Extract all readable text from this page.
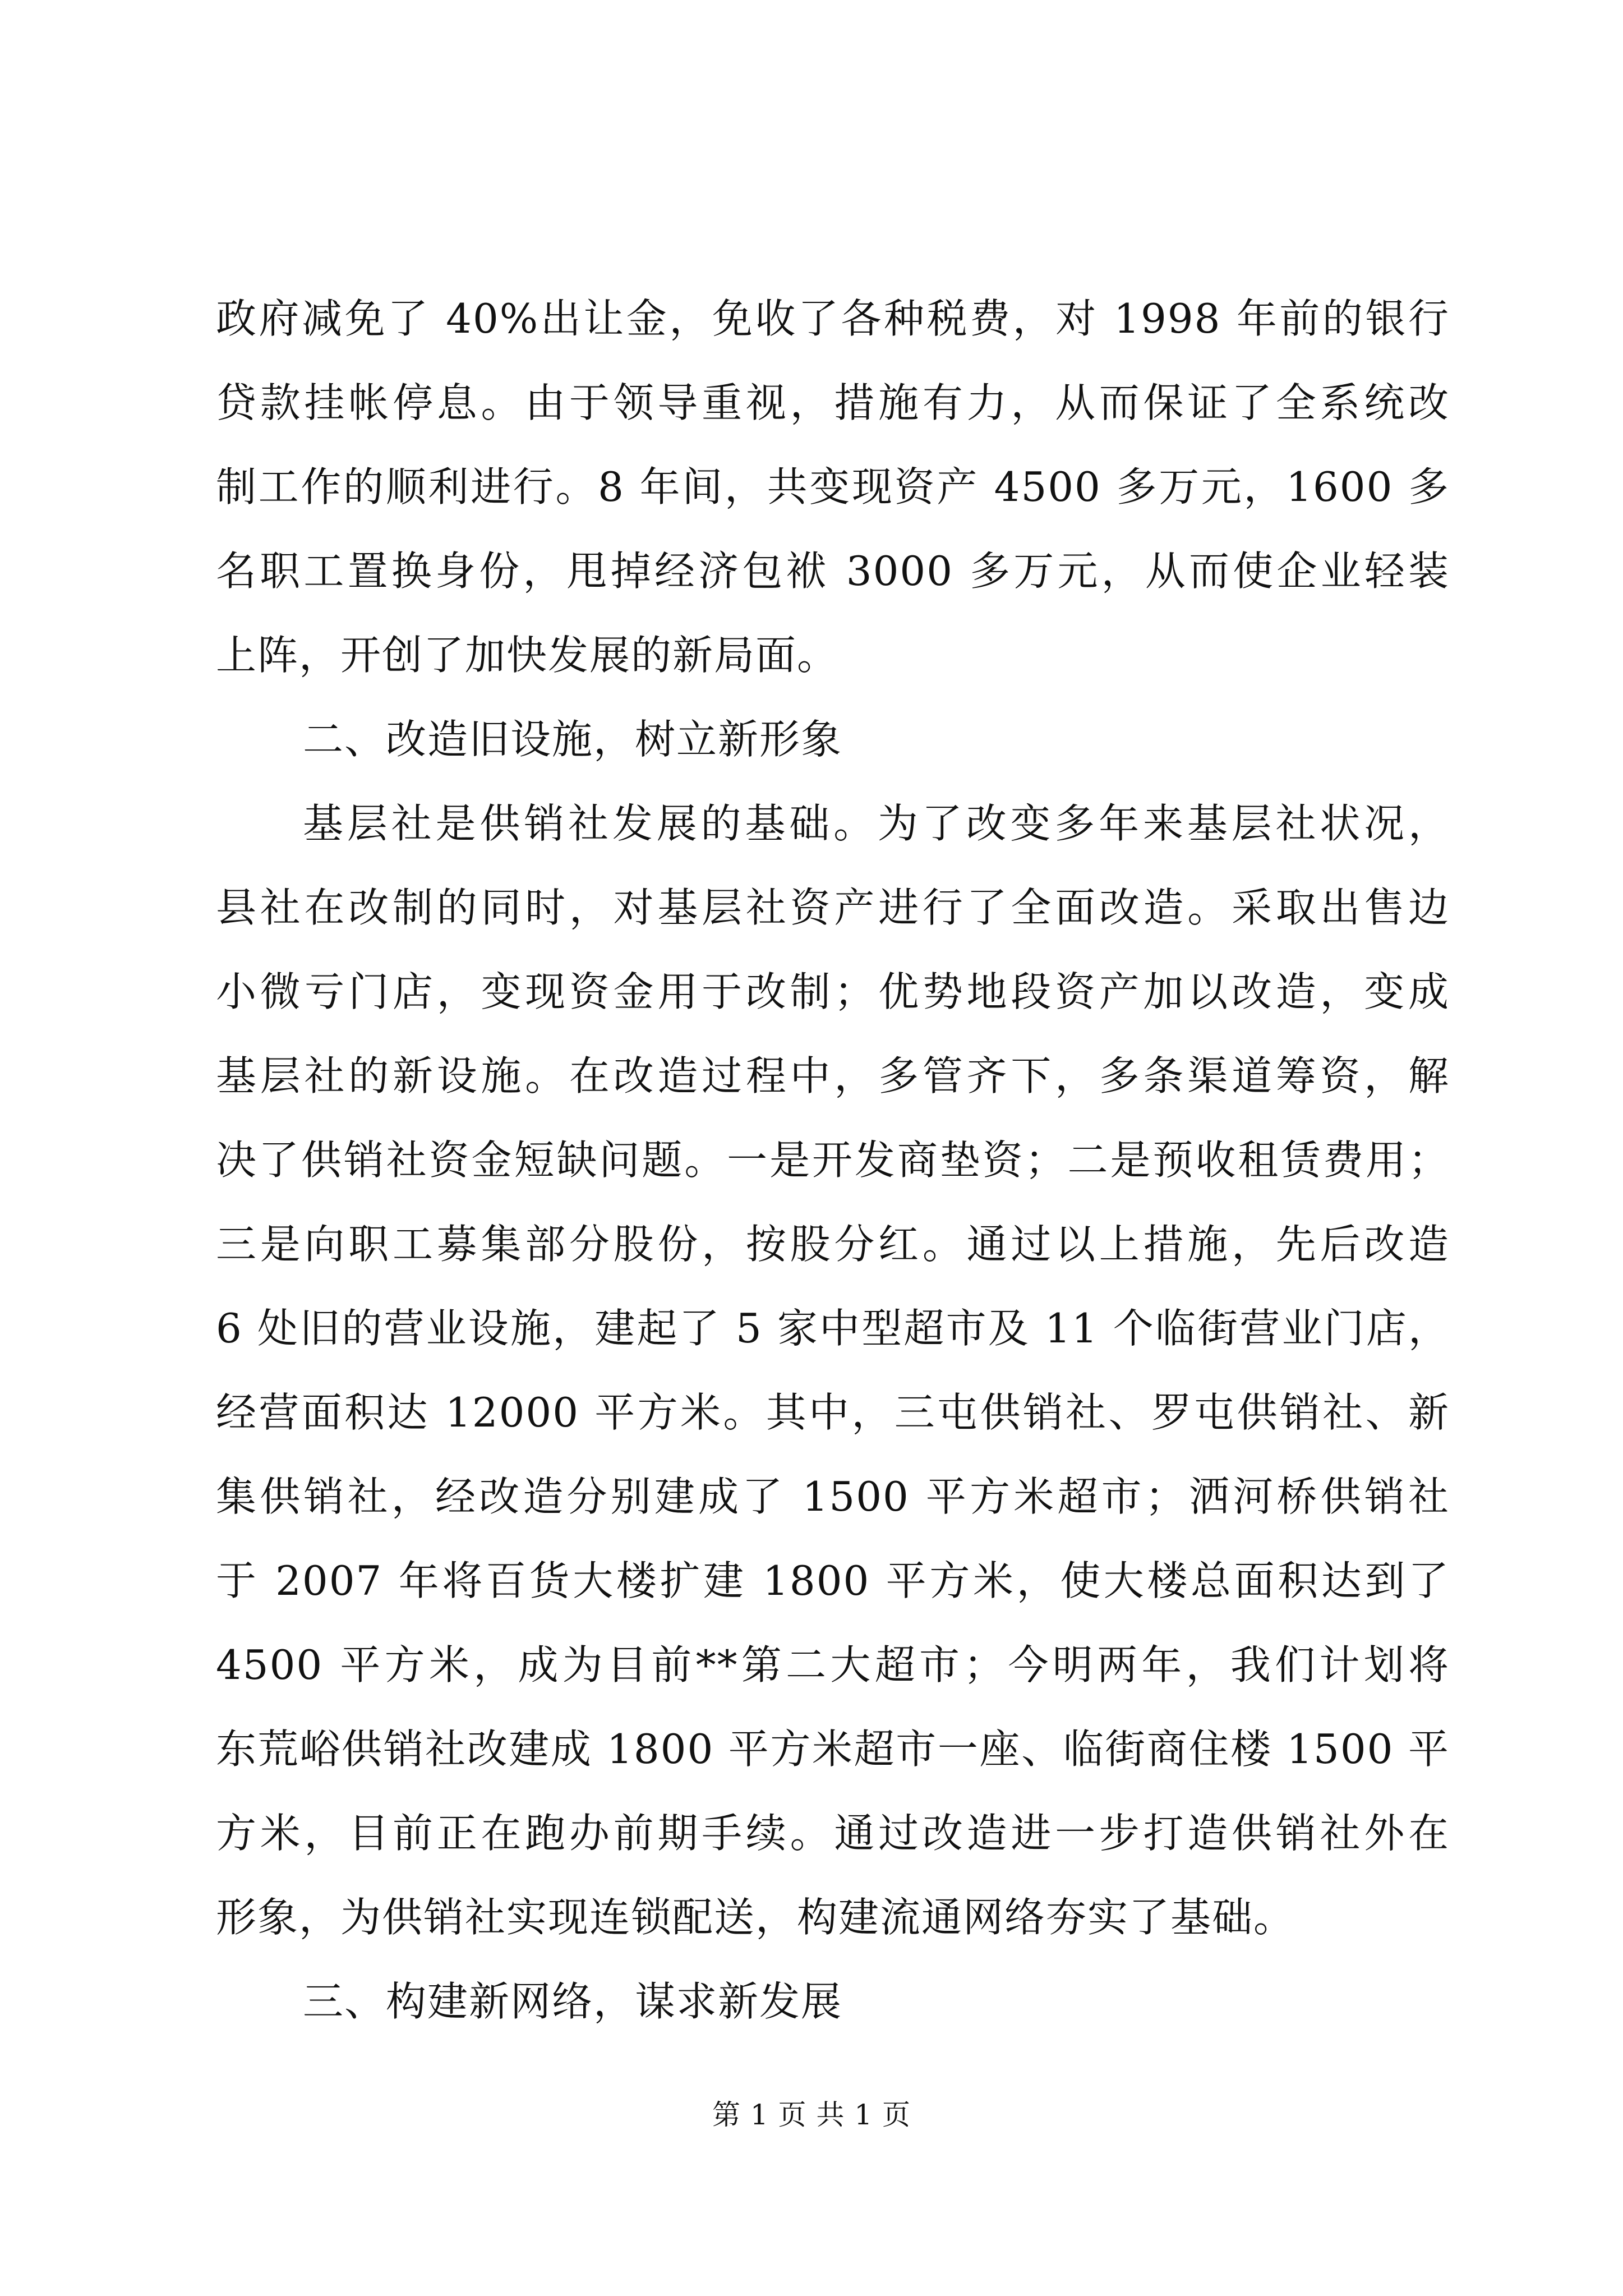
政府减免了 40%出让金，免收了各种税费，对 1998 年前的银行
贷款挂帐停息。由于领导重视，措施有力，从而保证了全系统改
制工作的顺利进行。8 年间，共变现资产 4500 多万元，1600 多
名职工置换身份，甩掉经济包袱 3000 多万元，从而使企业轻装
上阵，开创了加快发展的新局面。
二、改造旧设施，树立新形象
基层社是供销社发展的基础。为了改变多年来基层社状况，
县社在改制的同时，对基层社资产进行了全面改造。采取出售边
小微亏门店，变现资金用于改制；优势地段资产加以改造，变成
基层社的新设施。在改造过程中，多管齐下，多条渠道筹资，解
决了供销社资金短缺问题。一是开发商垫资；二是预收租赁费用；
三是向职工募集部分股份，按股分红。通过以上措施，先后改造
6 处旧的营业设施，建起了 5 家中型超市及 11 个临街营业门店，
经营面积达 12000 平方米。其中，三屯供销社、罗屯供销社、新
集供销社，经改造分别建成了 1500 平方米超市；洒河桥供销社
于 2007 年将百货大楼扩建 1800 平方米，使大楼总面积达到了
4500 平方米，成为目前**第二大超市；今明两年，我们计划将
东荒峪供销社改建成 1800 平方米超市一座、临街商住楼 1500 平
方米，目前正在跑办前期手续。通过改造进一步打造供销社外在
形象，为供销社实现连锁配送，构建流通网络夯实了基础。
三、构建新网络，谋求新发展
第 1 页 共 1 页
